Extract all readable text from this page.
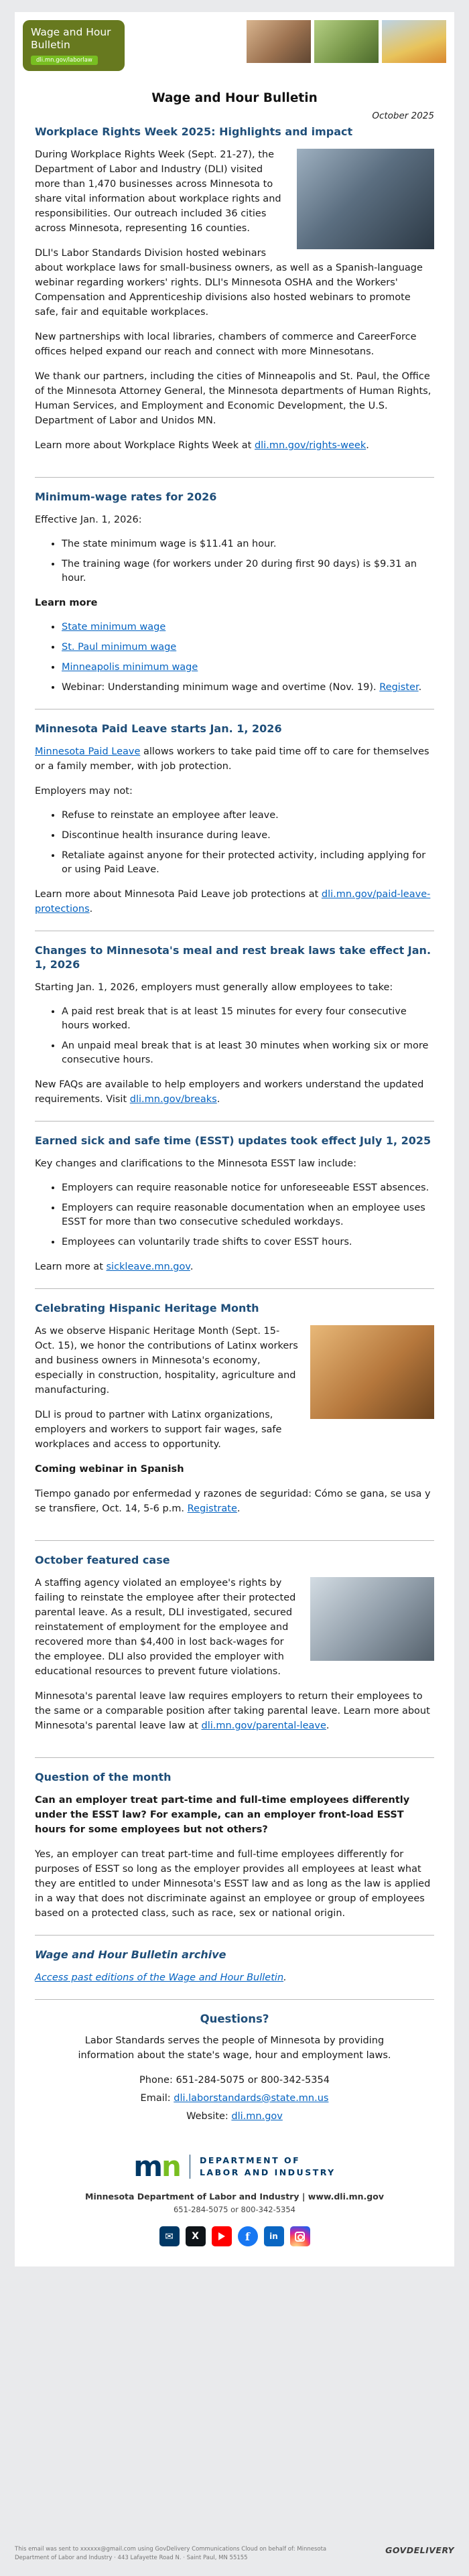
Wage and Hour
Bulletin
dli.mn.gov/laborlaw
Wage and Hour Bulletin
October 2025
Workplace Rights Week 2025: Highlights and impact

During Workplace Rights Week (Sept. 21-27), the Department of Labor and Industry (DLI) visited more than 1,470 businesses across Minnesota to share vital information about workplace rights and responsibilities. Our outreach included 36 cities across Minnesota, representing 16 counties.

DLI's Labor Standards Division hosted webinars about workplace laws for small-business owners, as well as a Spanish-language webinar regarding workers' rights. DLI's Minnesota OSHA and the Workers' Compensation and Apprenticeship divisions also hosted webinars to promote safe, fair and equitable workplaces.

New partnerships with local libraries, chambers of commerce and CareerForce offices helped expand our reach and connect with more Minnesotans.

We thank our partners, including the cities of Minneapolis and St. Paul, the Office of the Minnesota Attorney General, the Minnesota departments of Human Rights, Human Services, and Employment and Economic Development, the U.S. Department of Labor and Unidos MN.

Learn more about Workplace Rights Week at dli.mn.gov/rights-week.

Minimum-wage rates for 2026

Effective Jan. 1, 2026:

• The state minimum wage is $11.41 an hour.
• The training wage (for workers under 20 during first 90 days) is $9.31 an hour.

Learn more

• State minimum wage
• St. Paul minimum wage
• Minneapolis minimum wage
• Webinar: Understanding minimum wage and overtime (Nov. 19). Register.
Minnesota Paid Leave starts Jan. 1, 2026

Minnesota Paid Leave allows workers to take paid time off to care for themselves or a family member, with job protection.

Employers may not:

• Refuse to reinstate an employee after leave.
• Discontinue health insurance during leave.
• Retaliate against anyone for their protected activity, including applying for or using Paid Leave.

Learn more about Minnesota Paid Leave job protections at dli.mn.gov/paid-leave-protections.

Changes to Minnesota's meal and rest break laws take effect Jan. 1, 2026

Starting Jan. 1, 2026, employers must generally allow employees to take:

• A paid rest break that is at least 15 minutes for every four consecutive hours worked.
• An unpaid meal break that is at least 30 minutes when working six or more consecutive hours.

New FAQs are available to help employers and workers understand the updated requirements. Visit dli.mn.gov/breaks.

Earned sick and safe time (ESST) updates took effect July 1, 2025

Key changes and clarifications to the Minnesota ESST law include:

• Employers can require reasonable notice for unforeseeable ESST absences.
• Employers can require reasonable documentation when an employee uses ESST for more than two consecutive scheduled workdays.
• Employees can voluntarily trade shifts to cover ESST hours.

Learn more at sickleave.mn.gov.

Celebrating Hispanic Heritage Month

As we observe Hispanic Heritage Month (Sept. 15-Oct. 15), we honor the contributions of Latinx workers and business owners in Minnesota's economy, especially in construction, hospitality, agriculture and manufacturing.

DLI is proud to partner with Latinx organizations, employers and workers to support fair wages, safe workplaces and access to opportunity.

Coming webinar in Spanish

Tiempo ganado por enfermedad y razones de seguridad: Cómo se gana, se usa y se transfiere, Oct. 14, 5-6 p.m. Registrate.

October featured case

A staffing agency violated an employee's rights by failing to reinstate the employee after their protected parental leave. As a result, DLI investigated, secured reinstatement of employment for the employee and recovered more than $4,400 in lost back-wages for the employee. DLI also provided the employer with educational resources to prevent future violations.

Minnesota's parental leave law requires employers to return their employees to the same or a comparable position after taking parental leave. Learn more about Minnesota's parental leave law at dli.mn.gov/parental-leave.

Question of the month

Can an employer treat part-time and full-time employees differently under the ESST law? For example, can an employer front-load ESST hours for some employees but not others?

Yes, an employer can treat part-time and full-time employees differently for purposes of ESST so long as the employer provides all employees at least what they are entitled to under Minnesota's ESST law and as long as the law is applied in a way that does not discriminate against an employee or group of employees based on a protected class, such as race, sex or national origin.

Wage and Hour Bulletin archive

Access past editions of the Wage and Hour Bulletin.

Questions?

Labor Standards serves the people of Minnesota by providing information about the state's wage, hour and employment laws.

Phone: 651-284-5075 or 800-342-5354
Email: dli.laborstandards@state.mn.us
Website: dli.mn.gov
mn DEPARTMENT OF
LABOR AND INDUSTRY
Minnesota Department of Labor and Industry | www.dli.mn.gov
651-284-5075 or 800-342-5354
✉ X	f in
This email was sent to xxxxxx@gmail.com using GovDelivery Communications Cloud on behalf of: Minnesota Department of Labor and Industry · 443 Lafayette Road N. · Saint Paul, MN 55155
GOVDELIVERY
